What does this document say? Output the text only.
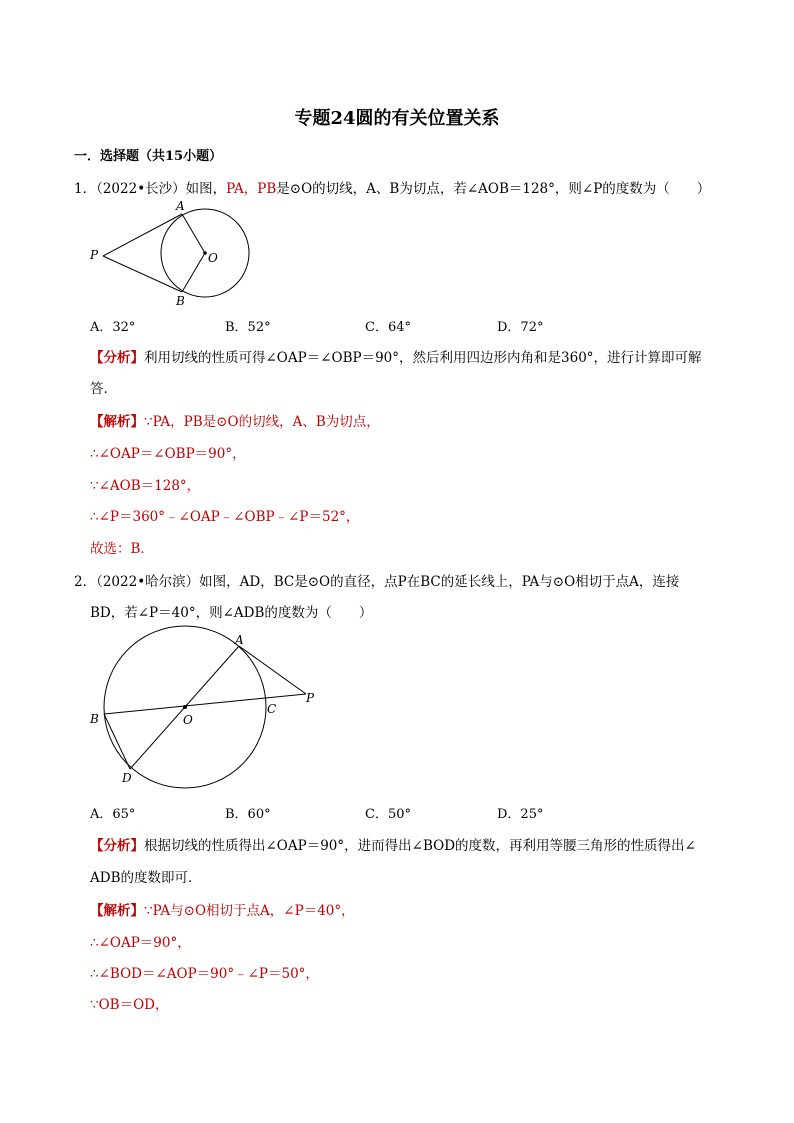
专题24圆的有关位置关系
一．选择题（共15小题）
1．（2022•长沙）如图，PA，PB是⊙O的切线，A、B为切点，若∠AOB＝128°，则∠P的度数为（　　）
A
P	O
B
A．32°	B．52°	C．64°	D．72°
【分析】利用切线的性质可得∠OAP＝∠OBP＝90°，然后利用四边形内角和是360°，进行计算即可解
答．
【解析】∵PA，PB是⊙O的切线，A、B为切点，
∴∠OAP＝∠OBP＝90°，
∵∠AOB＝128°，
∴∠P＝360°﹣∠OAP﹣∠OBP﹣∠P＝52°，
故选：B．
2．（2022•哈尔滨）如图，AD，BC是⊙O的直径，点P在BC的延长线上，PA与⊙O相切于点A，连接
BD，若∠P＝40°，则∠ADB的度数为（　　）
A
P
C
O
B
D
A．65°	B．60°	C．50°	D．25°
【分析】根据切线的性质得出∠OAP＝90°，进而得出∠BOD的度数，再利用等腰三角形的性质得出∠
ADB的度数即可．
【解析】∵PA与⊙O相切于点A，∠P＝40°，
∴∠OAP＝90°，
∴∠BOD＝∠AOP＝90°﹣∠P＝50°，
∵OB＝OD，
